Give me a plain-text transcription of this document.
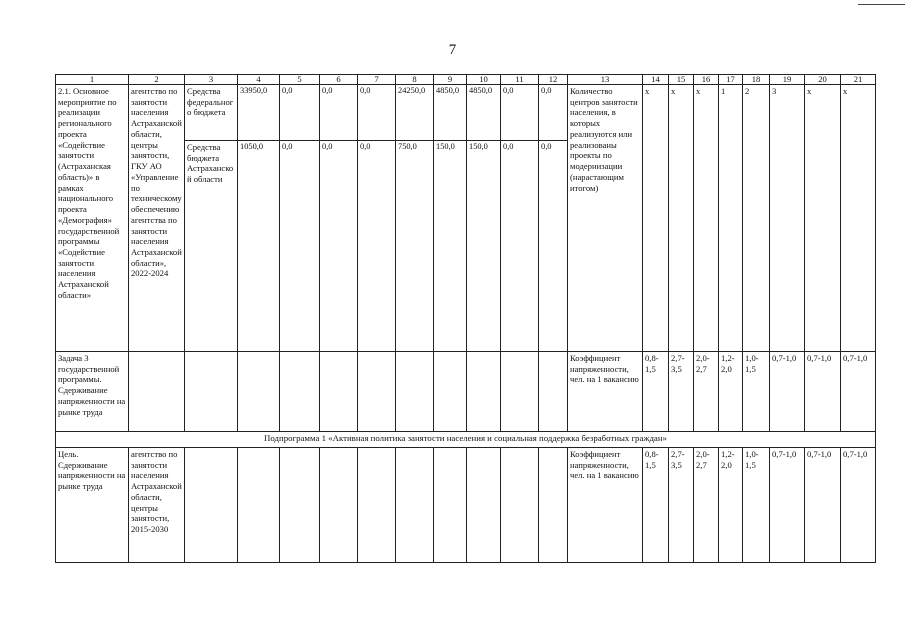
7
1	2	3	4	5	6	7	8	9	10	11	12	13	14	15	16	17	18	19	20	21
2.1. Основное мероприятие по реализации регионального проекта «Содействие занятости (Астраханская область)» в рамках национального проекта «Демография» государственной программы «Содействие занятости населения Астраханской области»	агентство по занятости населения Астраханской области, центры занятости, ГКУ АО «Управление по техническому обеспечению агентства по занятости населения Астраханской области», 2022-2024	Средства федерального бюджета	33950,0	0,0	0,0	0,0	24250,0	4850,0	4850,0	0,0	0,0	Количество центров занятости населения, в которых реализуются или реализованы проекты по модернизации (нарастающим итогом)	x	x	x	1	2	3	x	x
		Средства бюджета Астраханской области	1050,0	0,0	0,0	0,0	750,0	150,0	150,0	0,0	0,0									
Задача 3 государственной программы. Сдерживание напряженности на рынке труда												Коэффициент напряженности, чел. на 1 вакансию	0,8-1,5	2,7-3,5	2,0-2,7	1,2-2,0	1,0-1,5	0,7-1,0	0,7-1,0	0,7-1,0
Подпрограмма 1 «Активная политика занятости населения и социальная поддержка безработных граждан»																				
Цель. Сдерживание напряженности на рынке труда	агентство по занятости населения Астраханской области, центры занятости, 2015-2030											Коэффициент напряженности, чел. на 1 вакансию	0,8-1,5	2,7-3,5	2,0-2,7	1,2-2,0	1,0-1,5	0,7-1,0	0,7-1,0	0,7-1,0
